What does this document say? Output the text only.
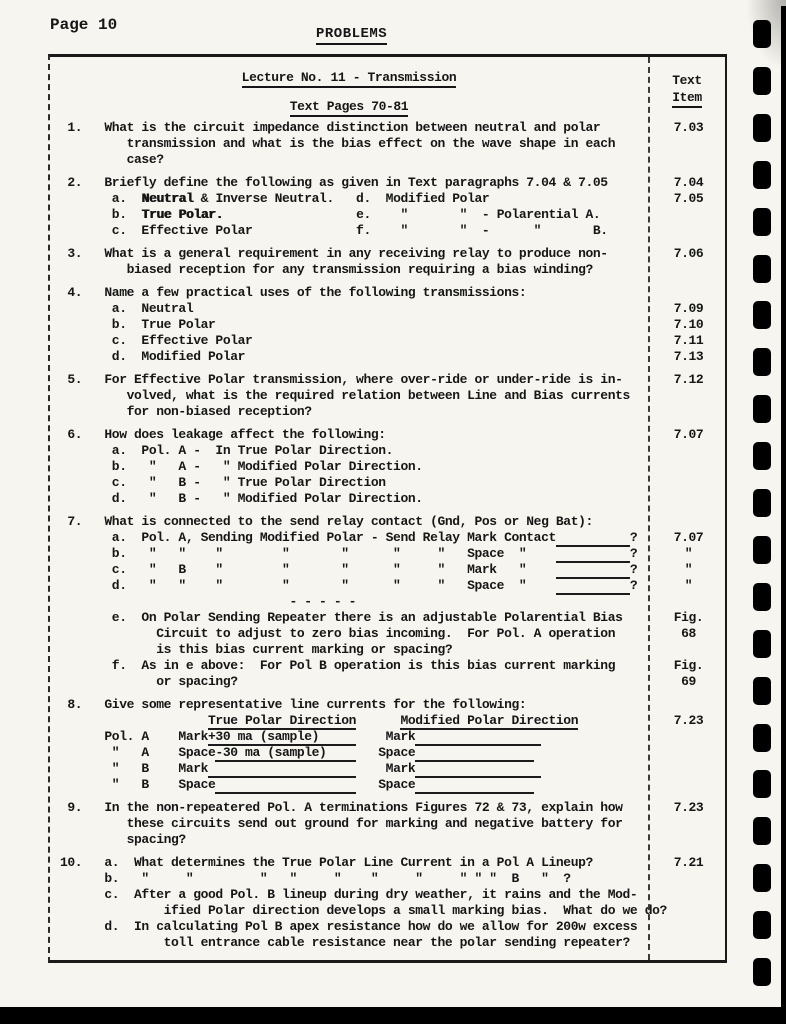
Page 10	PROBLEMS
Lecture No. 11 - Transmission
Text Pages 70-81
Text
Item
1.   What is the circuit impedance distinction between neutral and polar	7.03
transmission and what is the bias effect on the wave shape in each
case?
2.   Briefly define the following as given in Text paragraphs 7.04 & 7.05	7.04
a.  Neutral & Inverse Neutral.   d.  Modified Polar	7.05
b.  True Polar.                  e.    "       "  - Polarential A.
c.  Effective Polar              f.    "       "  -      "       B.
3.   What is a general requirement in any receiving relay to produce non-	7.06
biased reception for any transmission requiring a bias winding?
4.   Name a few practical uses of the following transmissions:
a.  Neutral	7.09
b.  True Polar	7.10
c.  Effective Polar	7.11
d.  Modified Polar	7.13
5.   For Effective Polar transmission, where over-ride or under-ride is in-	7.12
volved, what is the required relation between Line and Bias currents
for non-biased reception?
6.   How does leakage affect the following:	7.07
a.  Pol. A -  In True Polar Direction.
b.   "   A -   " Modified Polar Direction.
c.   "   B -   " True Polar Direction
d.   "   B -   " Modified Polar Direction.
7.   What is connected to the send relay contact (Gnd, Pos or Neg Bat):
a.  Pol. A, Sending Modified Polar - Send Relay Mark Contact	?	7.07
b.   "   "    "        "       "      "     "   Space  "	?	"
c.   "   B    "        "       "      "     "   Mark   "	?	"
d.   "   "    "        "       "      "     "   Space  "	?	"
- - - - -
e.  On Polar Sending Repeater there is an adjustable Polarential Bias	Fig.
Circuit to adjust to zero bias incoming.  For Pol. A operation	68
is this bias current marking or spacing?
f.  As in e above:  For Pol B operation is this bias current marking	Fig.
or spacing?	69
8.   Give some representative line currents for the following:
True Polar Direction	Modified Polar Direction	7.23
Pol. A    Mark+30 ma (sample)         Mark
"   A    Space-30 ma (sample)       Space
"   B    Mark	Mark
"   B    Space	Space
9.   In the non-repeatered Pol. A terminations Figures 72 & 73, explain how	7.23
these circuits send out ground for marking and negative battery for
spacing?
10.   a.  What determines the True Polar Line Current in a Pol A Lineup?	7.21
b.   "     "         "   "     "    "     "     " " "  B   "  ?
c.  After a good Pol. B lineup during dry weather, it rains and the Mod-
ified Polar direction develops a small marking bias.  What do we do?
d.  In calculating Pol B apex resistance how do we allow for 200w excess
toll entrance cable resistance near the polar sending repeater?
